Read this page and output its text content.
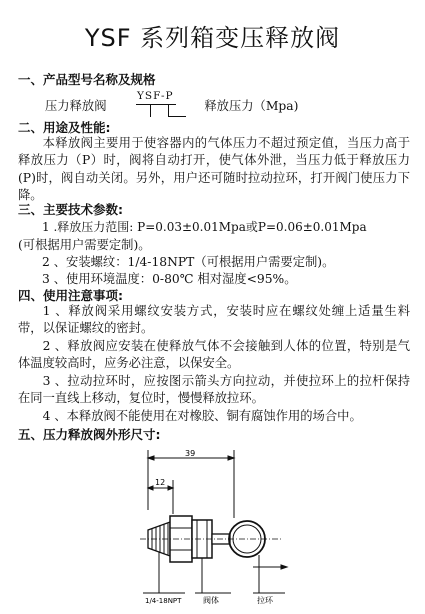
YSF 系列箱变压释放阀
一、产品型号名称及规格
YSF-P
压力释放阀	释放压力（Mpa)
二、用途及性能:
本释放阀主要用于使容器内的气体压力不超过预定值，当压力高于释放压力（P）时，阀将自动打开，使气体外泄，当压力低于释放压力(P)时，阀自动关闭。另外，用户还可随时拉动拉环，打开阀门使压力下降。
三、主要技术参数:
1 .释放压力范围: P=0.03±0.01Mpa或P=0.06±0.01Mpa
(可根据用户需要定制)。
2 、安装螺纹：1/4-18NPT（可根据用户需要定制)。
3 、使用环境温度：0-80℃ 相对湿度<95%。
四、使用注意事项:
1 、释放阀采用螺纹安装方式，安装时应在螺纹处缠上适量生料带，以保证螺纹的密封。
2 、释放阀应安装在使释放气体不会接触到人体的位置，特别是气体温度较高时，应务必注意，以保安全。
3 、拉动拉环时，应按图示箭头方向拉动，并使拉环上的拉杆保持在同一直线上移动，复位时，慢慢释放拉环。
4 、本释放阀不能使用在对橡胶、铜有腐蚀作用的场合中。
五、压力释放阀外形尺寸:
39
12
1/4-18NPT	阀体	拉环
